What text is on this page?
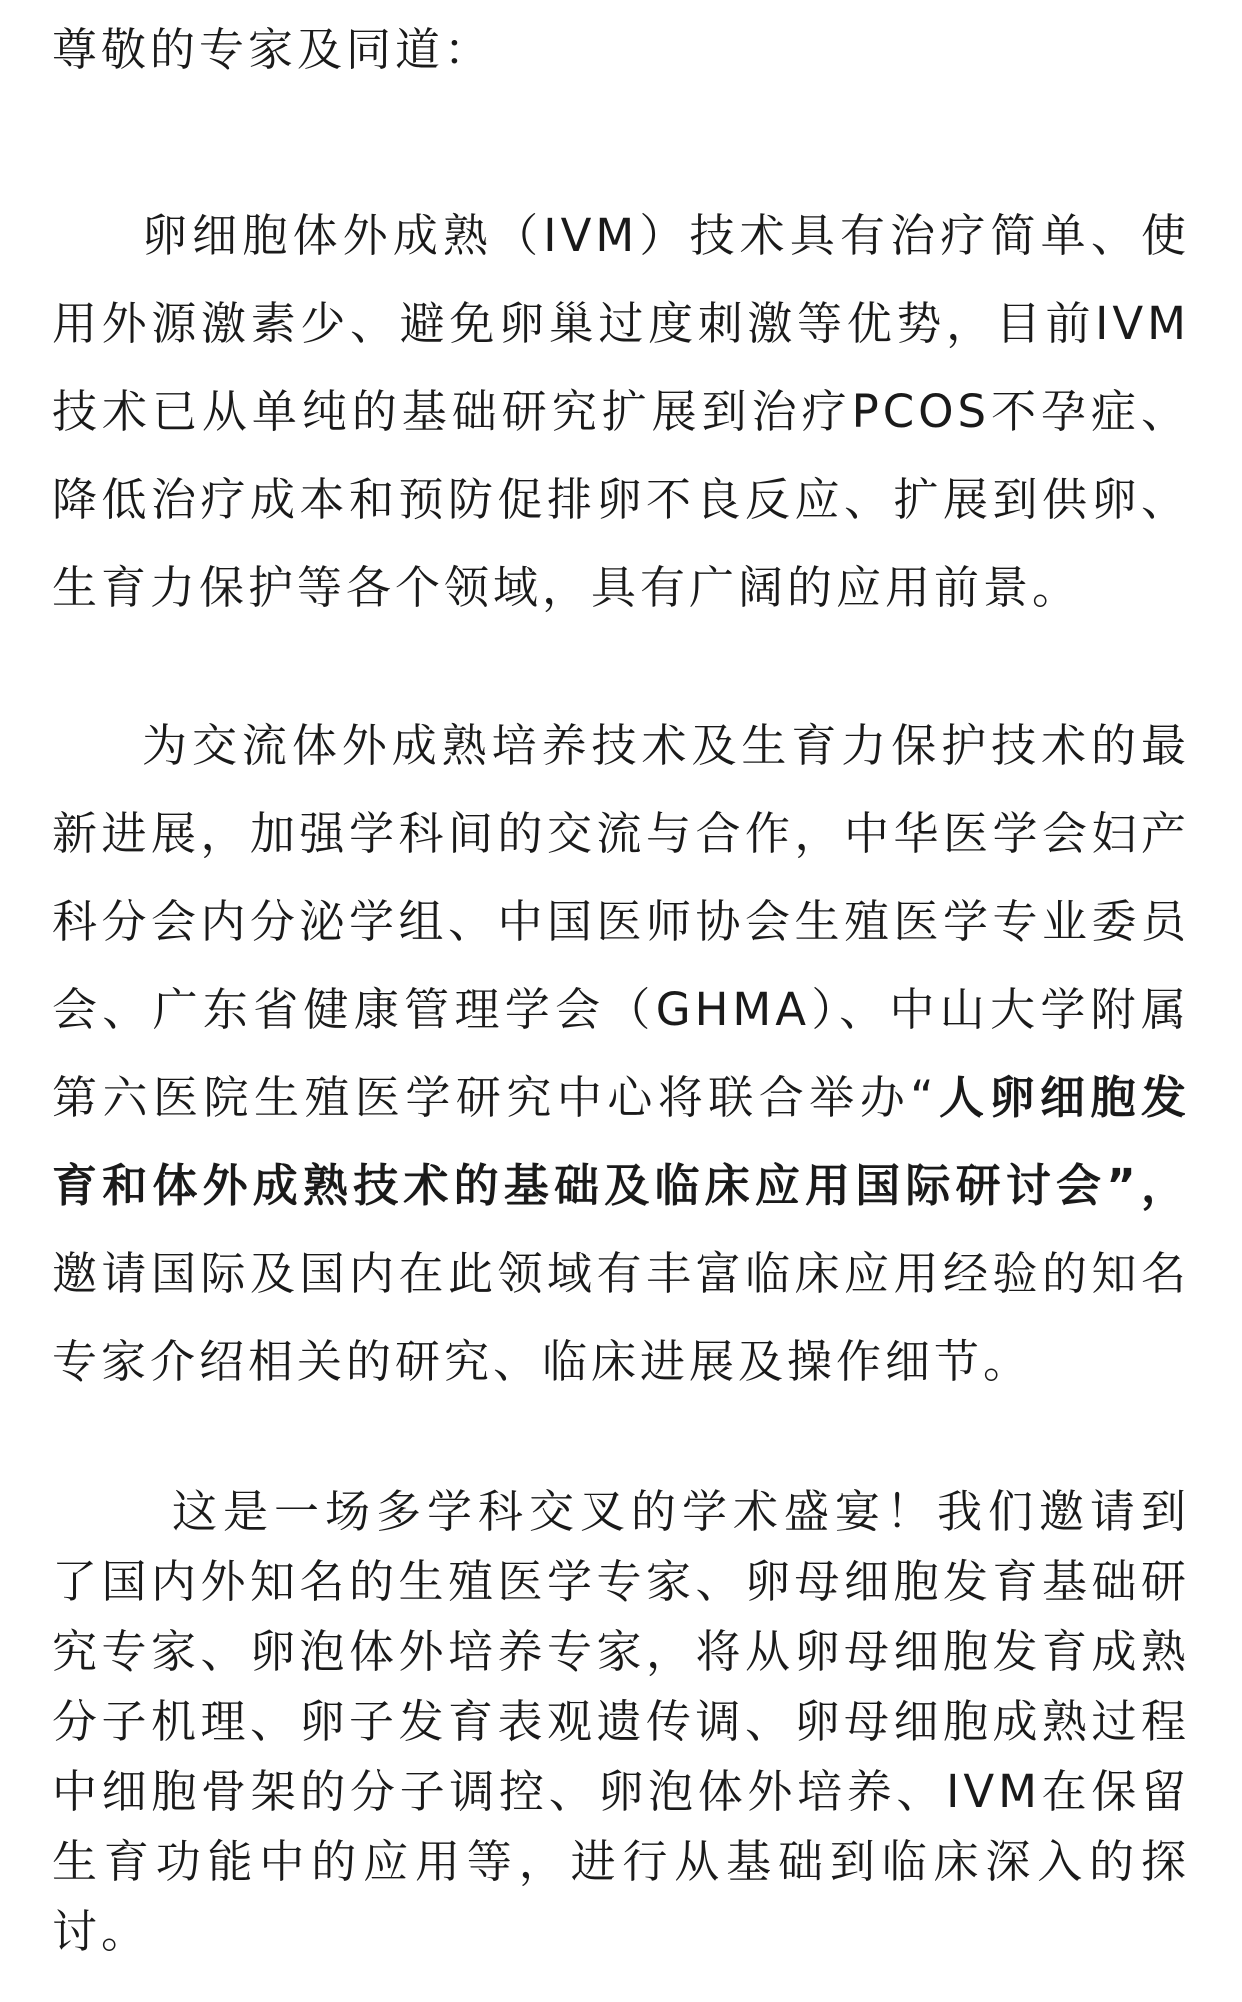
尊敬的专家及同道：

卵细胞体外成熟（IVM）技术具有治疗简单、使用外源激素少、避免卵巢过度刺激等优势，目前IVM技术已从单纯的基础研究扩展到治疗PCOS不孕症、降低治疗成本和预防促排卵不良反应、扩展到供卵、生育力保护等各个领域，具有广阔的应用前景。

为交流体外成熟培养技术及生育力保护技术的最新进展，加强学科间的交流与合作，中华医学会妇产科分会内分泌学组、中国医师协会生殖医学专业委员会、广东省健康管理学会（GHMA）、中山大学附属第六医院生殖医学研究中心将联合举办“人卵细胞发育和体外成熟技术的基础及临床应用国际研讨会”，邀请国际及国内在此领域有丰富临床应用经验的知名专家介绍相关的研究、临床进展及操作细节。

这是一场多学科交叉的学术盛宴！我们邀请到了国内外知名的生殖医学专家、卵母细胞发育基础研究专家、卵泡体外培养专家，将从卵母细胞发育成熟分子机理、卵子发育表观遗传调、卵母细胞成熟过程中细胞骨架的分子调控、卵泡体外培养、IVM在保留生育功能中的应用等，进行从基础到临床深入的探讨。
